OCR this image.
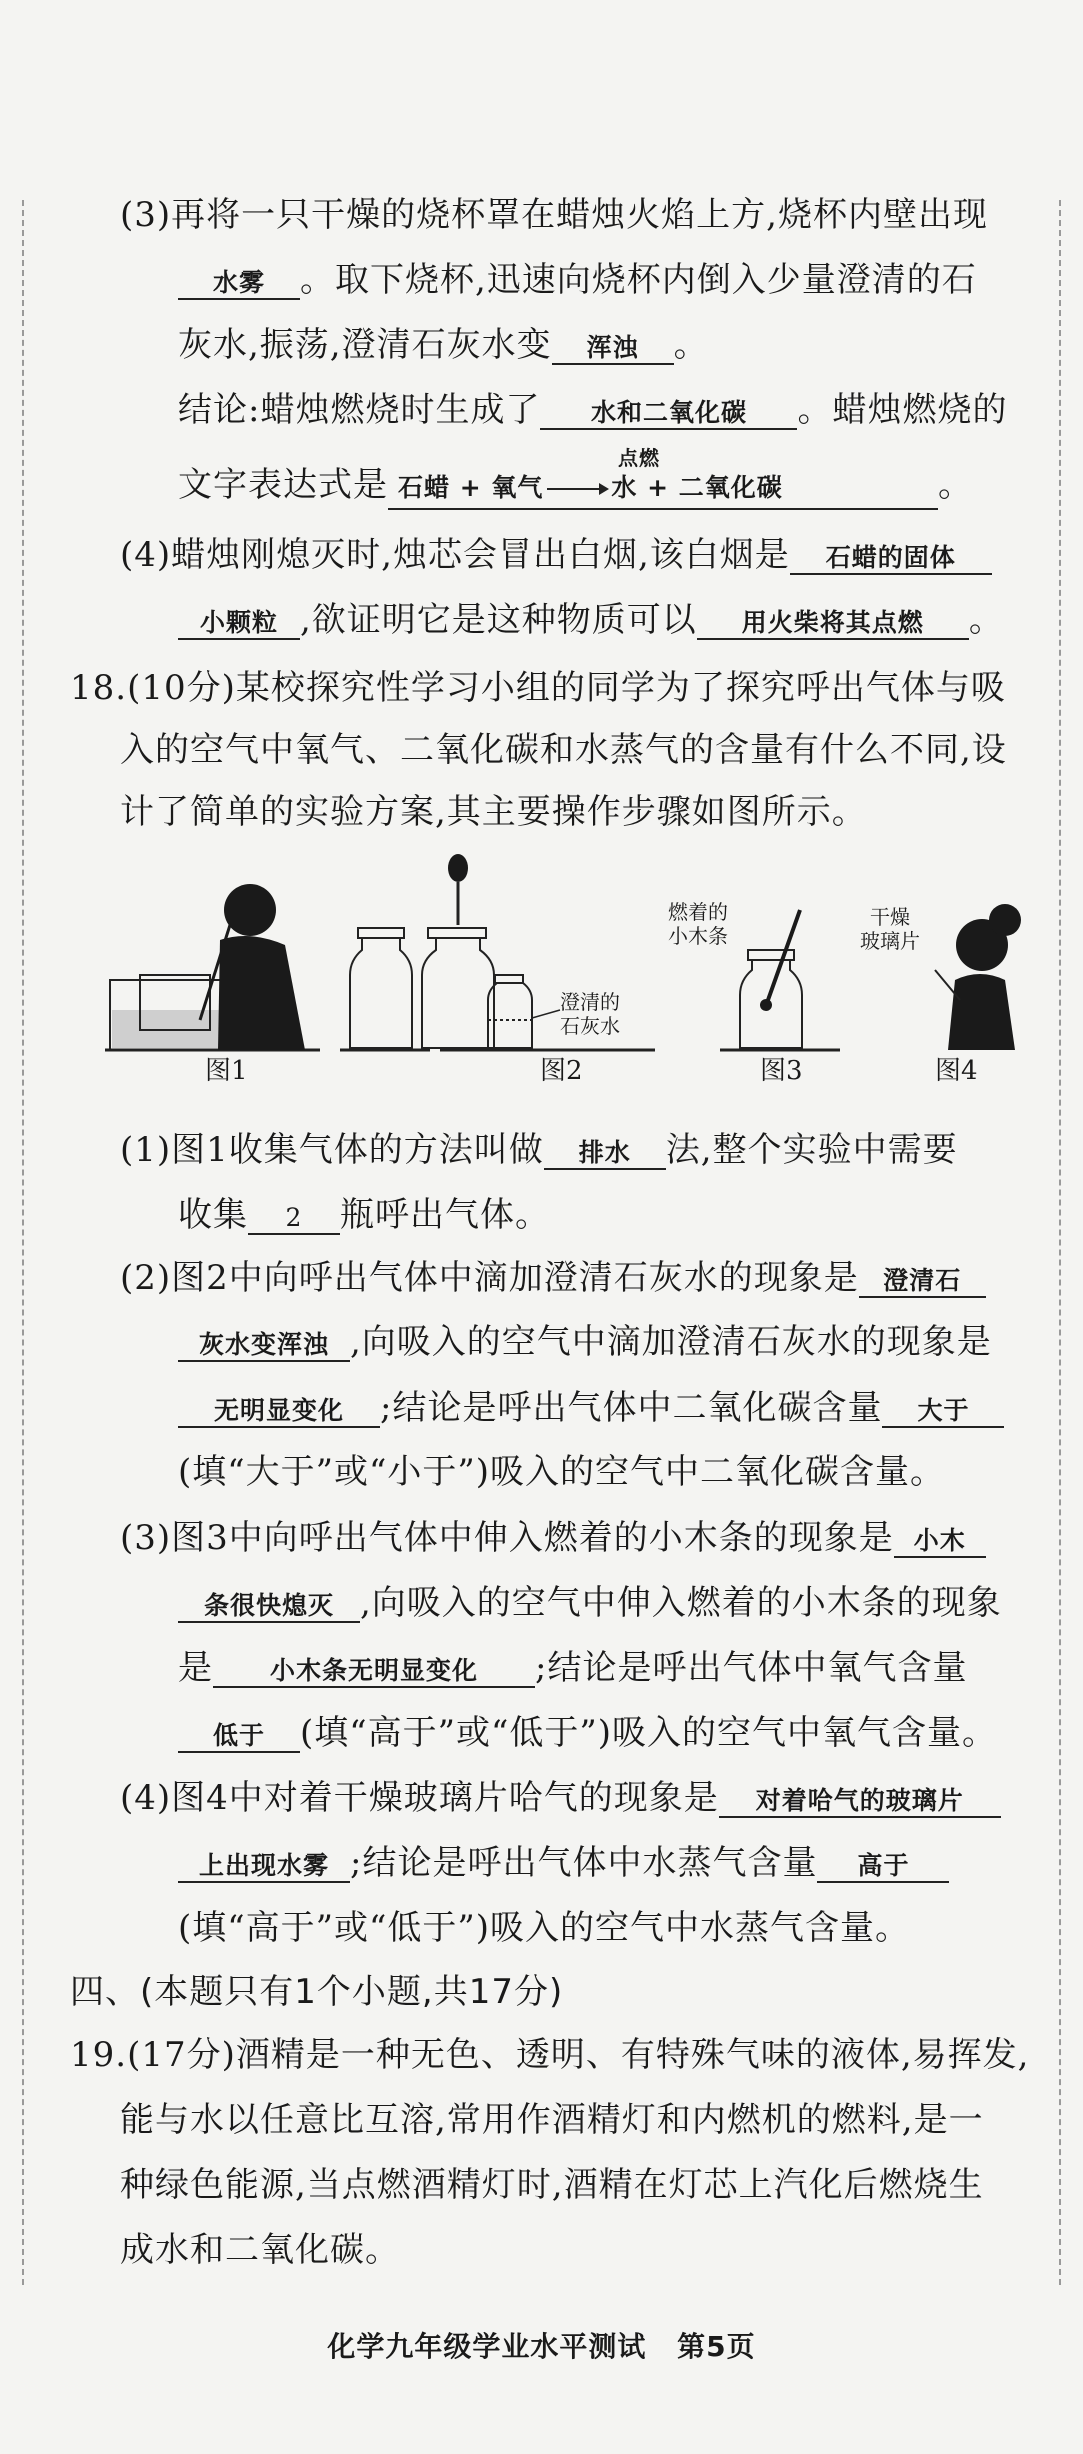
(3)再将一只干燥的烧杯罩在蜡烛火焰上方,烧杯内壁出现
水雾 。取下烧杯,迅速向烧杯内倒入少量澄清的石
灰水,振荡,澄清石灰水变 浑浊 。
结论:蜡烛燃烧时生成了 水和二氧化碳 。蜡烛燃烧的
文字表达式是 石蜡 + 氧气 →
点燃
水 + 二氧化碳	。
(4)蜡烛刚熄灭时,烛芯会冒出白烟,该白烟是 石蜡的固体
小颗粒 ,欲证明它是这种物质可以 用火柴将其点燃 。
18.(10分)某校探究性学习小组的同学为了探究呼出气体与吸
入的空气中氧气、二氧化碳和水蒸气的含量有什么不同,设
计了简单的实验方案,其主要操作步骤如图所示。
澄清的
石灰水
燃着的
小木条
干燥
玻璃片
图1	图2	图3	图4
(1)图1收集气体的方法叫做 排水 法,整个实验中需要
收集 2 瓶呼出气体。
(2)图2中向呼出气体中滴加澄清石灰水的现象是 澄清石
灰水变浑浊 ,向吸入的空气中滴加澄清石灰水的现象是
无明显变化 ;结论是呼出气体中二氧化碳含量 大于
(填“大于”或“小于”)吸入的空气中二氧化碳含量。
(3)图3中向呼出气体中伸入燃着的小木条的现象是 小木
条很快熄灭 ,向吸入的空气中伸入燃着的小木条的现象
是 小木条无明显变化 ;结论是呼出气体中氧气含量
低于 (填“高于”或“低于”)吸入的空气中氧气含量。
(4)图4中对着干燥玻璃片哈气的现象是 对着哈气的玻璃片
上出现水雾 ;结论是呼出气体中水蒸气含量 高于
(填“高于”或“低于”)吸入的空气中水蒸气含量。
四、(本题只有1个小题,共17分)
19.(17分)酒精是一种无色、透明、有特殊气味的液体,易挥发,
能与水以任意比互溶,常用作酒精灯和内燃机的燃料,是一
种绿色能源,当点燃酒精灯时,酒精在灯芯上汽化后燃烧生
成水和二氧化碳。
化学九年级学业水平测试 第5页
